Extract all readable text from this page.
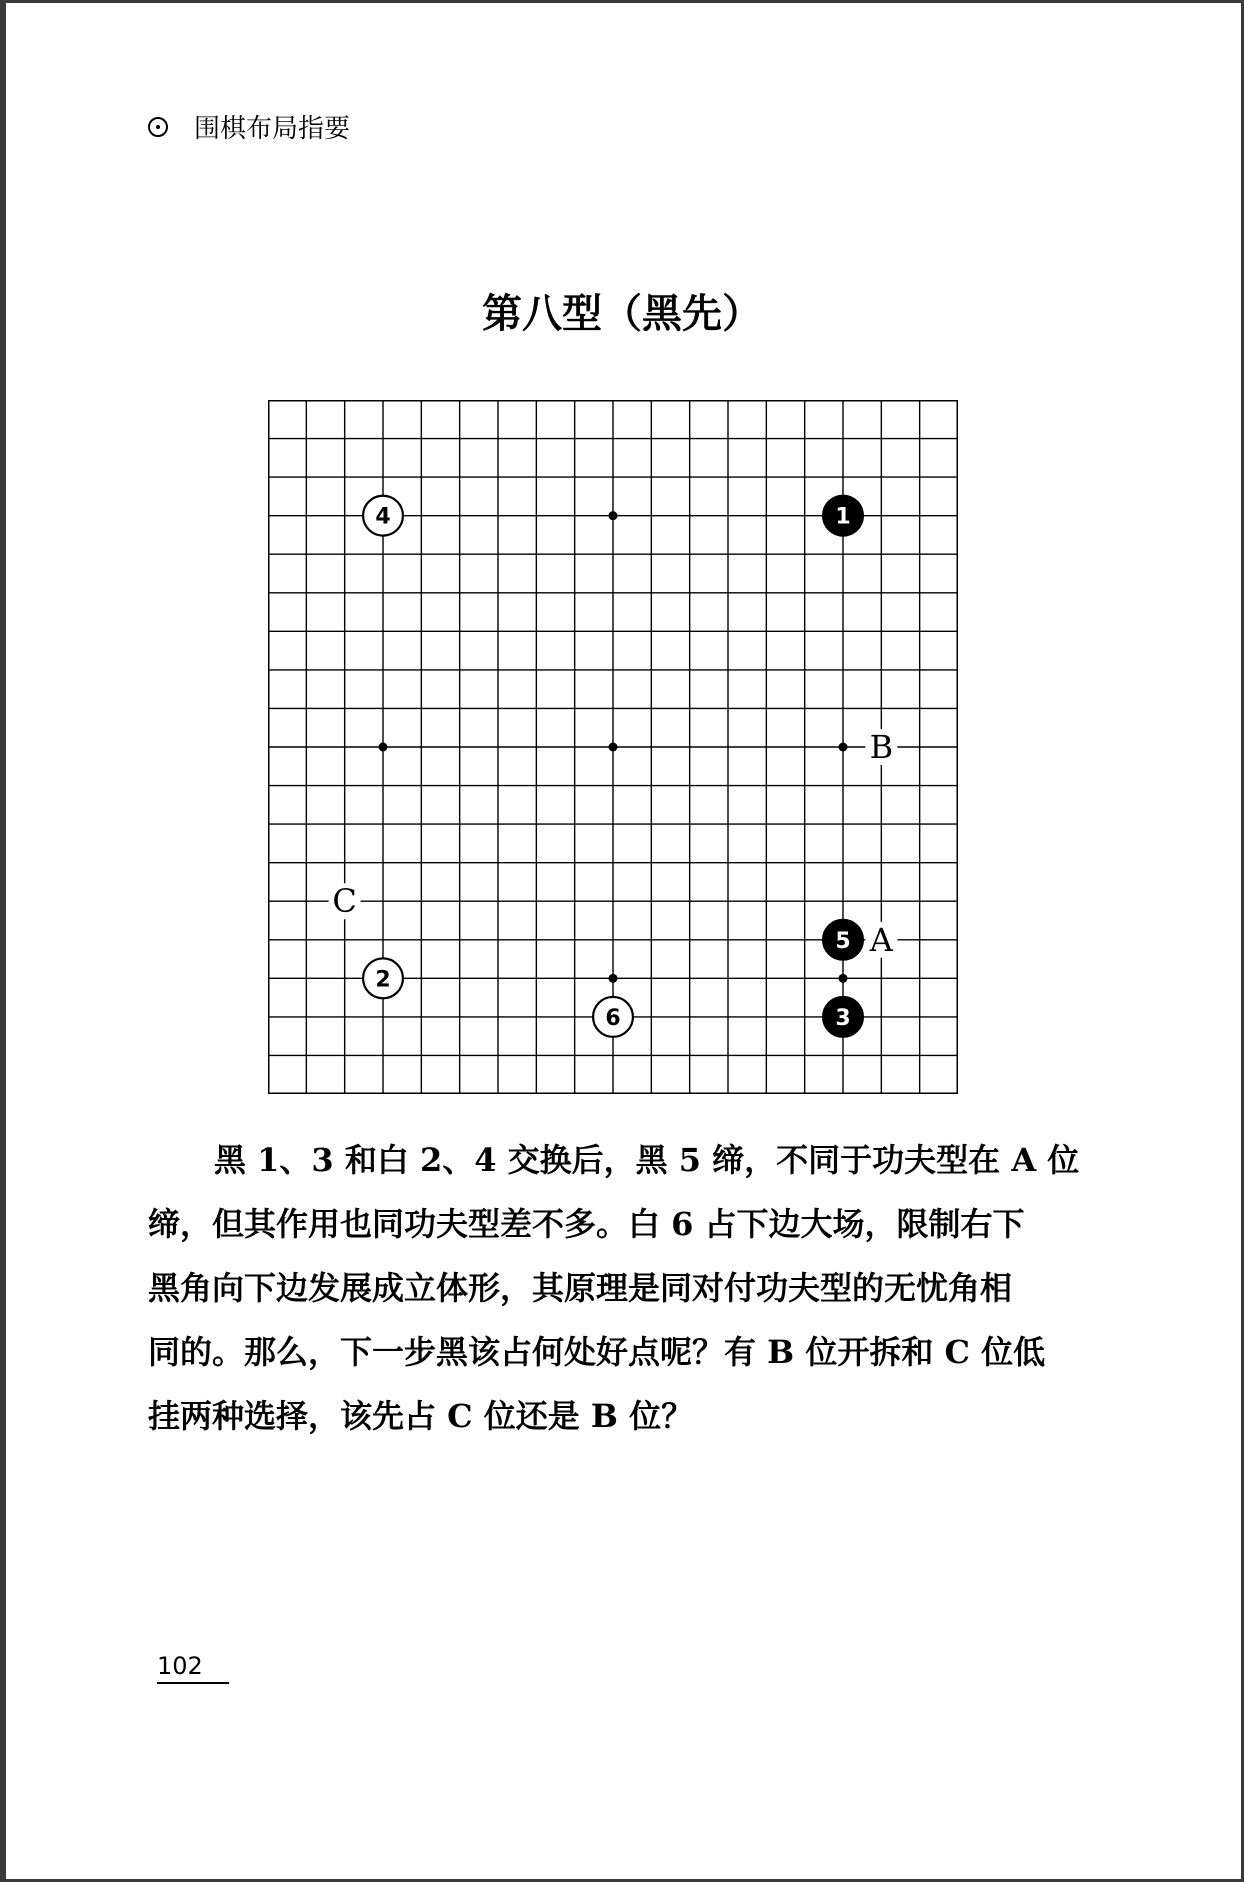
围棋布局指要
第八型（黑先）
A
B
C
1
2
3
4
5
6
黑 1、3 和白 2、4 交换后，黑 5 缔，不同于功夫型在 A 位
缔，但其作用也同功夫型差不多。白 6 占下边大场，限制右下
黑角向下边发展成立体形，其原理是同对付功夫型的无忧角相
同的。那么，下一步黑该占何处好点呢？有 B 位开拆和 C 位低
挂两种选择，该先占 C 位还是 B 位？
102
